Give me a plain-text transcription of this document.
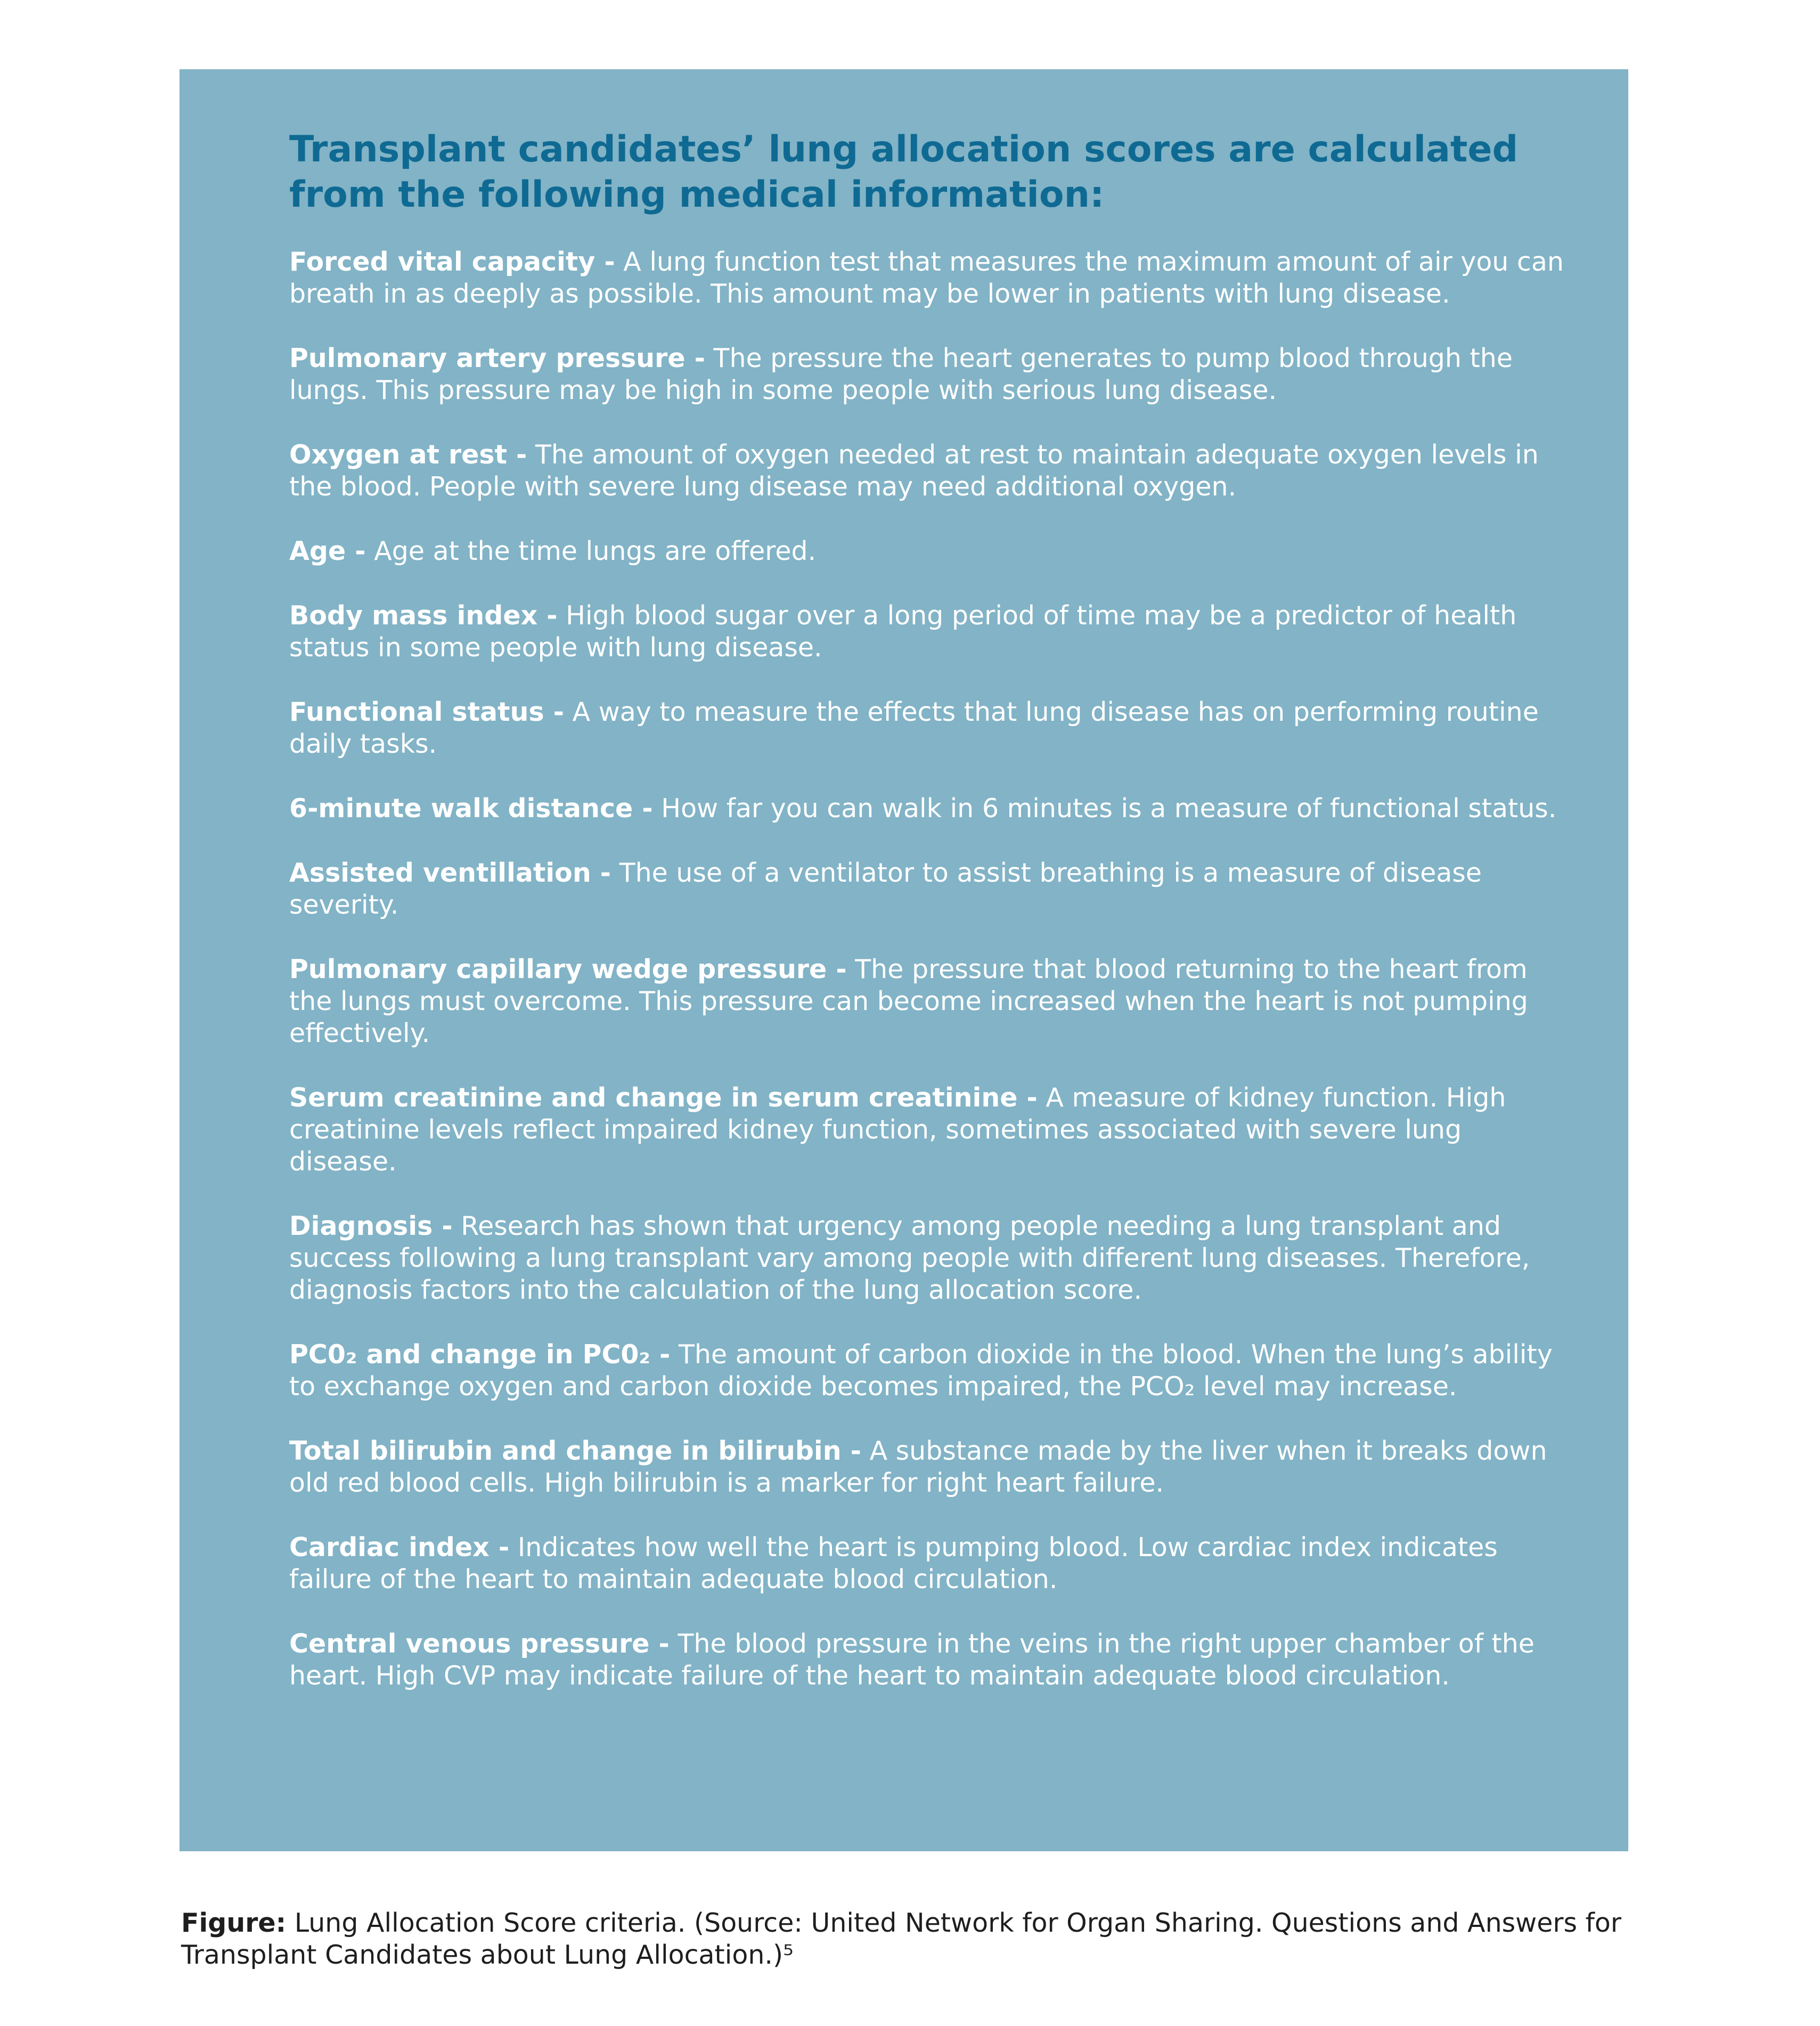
Transplant candidates’ lung allocation scores are calculated from the following medical information:
Forced vital capacity - A lung function test that measures the maximum amount of air you can breath in as deeply as possible. This amount may be lower in patients with lung disease.
Pulmonary artery pressure - The pressure the heart generates to pump blood through the lungs. This pressure may be high in some people with serious lung disease.
Oxygen at rest - The amount of oxygen needed at rest to maintain adequate oxygen levels in the blood. People with severe lung disease may need additional oxygen.
Age - Age at the time lungs are offered.
Body mass index - High blood sugar over a long period of time may be a predictor of health status in some people with lung disease.
Functional status - A way to measure the effects that lung disease has on performing routine daily tasks.
6-minute walk distance - How far you can walk in 6 minutes is a measure of functional status.
Assisted ventillation - The use of a ventilator to assist breathing is a measure of disease severity.
Pulmonary capillary wedge pressure - The pressure that blood returning to the heart from the lungs must overcome. This pressure can become increased when the heart is not pumping effectively.
Serum creatinine and change in serum creatinine - A measure of kidney function. High creatinine levels reflect impaired kidney function, sometimes associated with severe lung disease.
Diagnosis - Research has shown that urgency among people needing a lung transplant and success following a lung transplant vary among people with different lung diseases. Therefore, diagnosis factors into the calculation of the lung allocation score.
PC0₂ and change in PC0₂ - The amount of carbon dioxide in the blood. When the lung’s ability to exchange oxygen and carbon dioxide becomes impaired, the PCO₂ level may increase.
Total bilirubin and change in bilirubin - A substance made by the liver when it breaks down old red blood cells. High bilirubin is a marker for right heart failure.
Cardiac index - Indicates how well the heart is pumping blood. Low cardiac index indicates failure of the heart to maintain adequate blood circulation.
Central venous pressure - The blood pressure in the veins in the right upper chamber of the heart. High CVP may indicate failure of the heart to maintain adequate blood circulation.

Figure: Lung Allocation Score criteria. (Source: United Network for Organ Sharing. Questions and Answers for Transplant Candidates about Lung Allocation.)⁵
